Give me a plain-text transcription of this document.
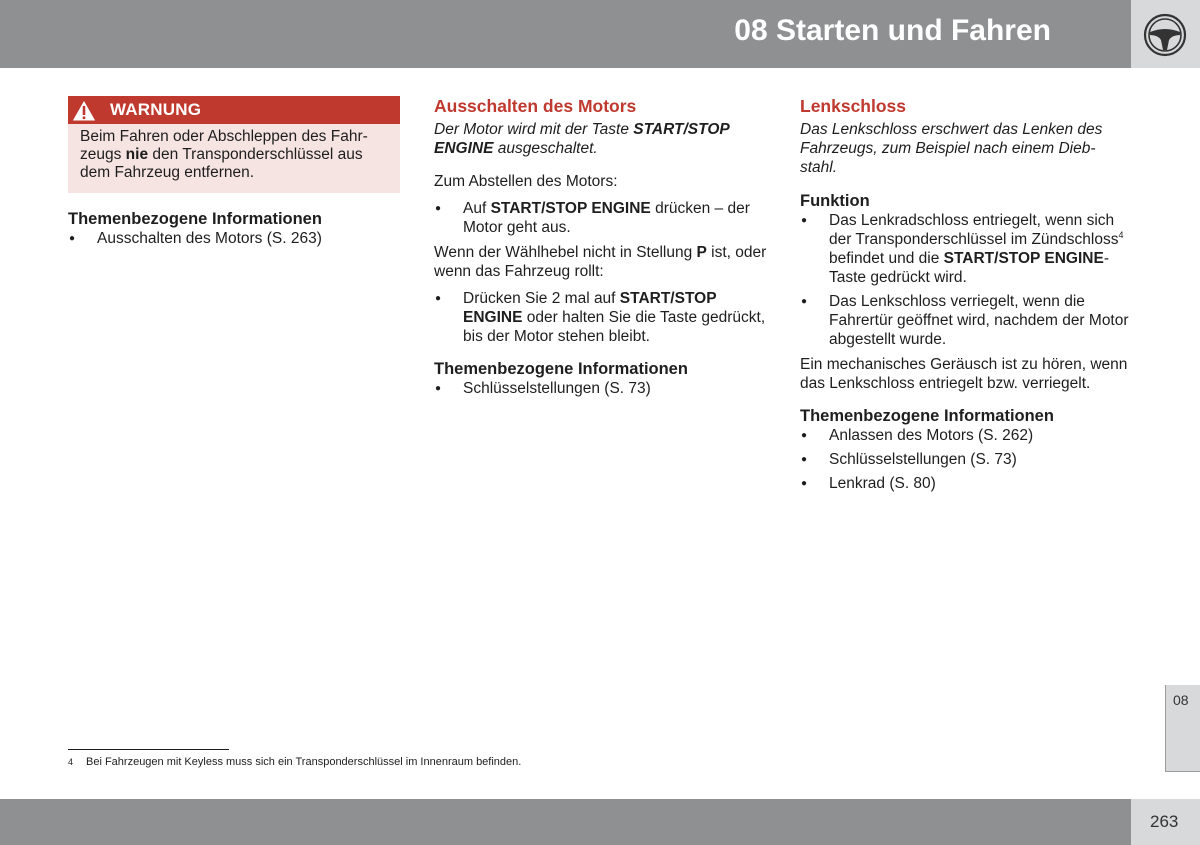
08 Starten und Fahren
WARNUNG
Beim Fahren oder Abschleppen des Fahr-
zeugs nie den Transponderschlüssel aus
dem Fahrzeug entfernen.
Themenbezogene Informationen
● Ausschalten des Motors (S. 263)
Ausschalten des Motors

Der Motor wird mit der Taste START/STOP
ENGINE ausgeschaltet.

Zum Abstellen des Motors:

● Auf START/STOP ENGINE drücken – der Motor geht aus.

Wenn der Wählhebel nicht in Stellung P ist, oder wenn das Fahrzeug rollt:

● Drücken Sie 2 mal auf START/STOP ENGINE oder halten Sie die Taste gedrückt, bis der Motor stehen bleibt.
Themenbezogene Informationen
● Schlüsselstellungen (S. 73)
Lenkschloss

Das Lenkschloss erschwert das Lenken des
Fahrzeugs, zum Beispiel nach einem Dieb-
stahl.

Funktion
● Das Lenkradschloss entriegelt, wenn sich der Transponderschlüssel im Zündschloss$^4$ befindet und die START/STOP ENGINE-Taste gedrückt wird.
● Das Lenkschloss verriegelt, wenn die Fahrertür geöffnet wird, nachdem der Motor abgestellt wurde.

Ein mechanisches Geräusch ist zu hören, wenn das Lenkschloss entriegelt bzw. verriegelt.

Themenbezogene Informationen
● Anlassen des Motors (S. 262)
● Schlüsselstellungen (S. 73)
● Lenkrad (S. 80)
08
4 Bei Fahrzeugen mit Keyless muss sich ein Transponderschlüssel im Innenraum befinden.
263
